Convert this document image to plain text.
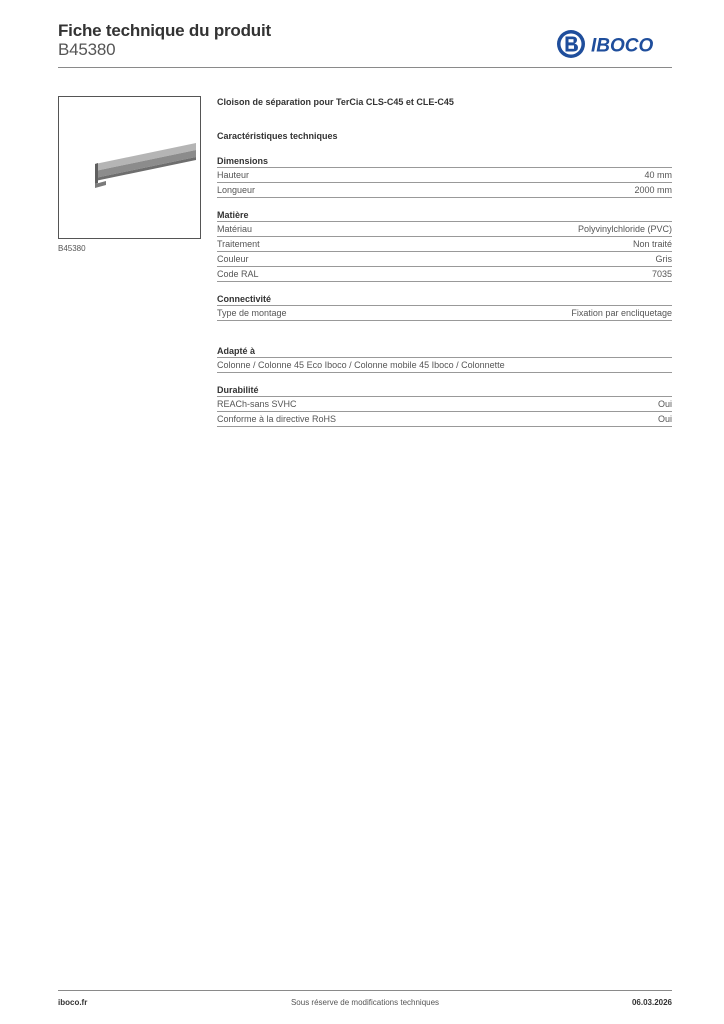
Fiche technique du produit
B45380	IBOCO
B45380
Cloison de séparation pour TerCia CLS-C45 et CLE-C45
Caractéristiques techniques
Dimensions
Hauteur	40 mm
Longueur	2000 mm
Matière
Matériau	Polyvinylchloride (PVC)
Traitement	Non traité
Couleur	Gris
Code RAL	7035
Connectivité
Type de montage	Fixation par encliquetage
Adapté à
Colonne / Colonne 45 Eco Iboco / Colonne mobile 45 Iboco / Colonnette
Durabilité
REACh-sans SVHC	Oui
Conforme à la directive RoHS	Oui
iboco.fr	Sous réserve de modifications techniques	06.03.2026
